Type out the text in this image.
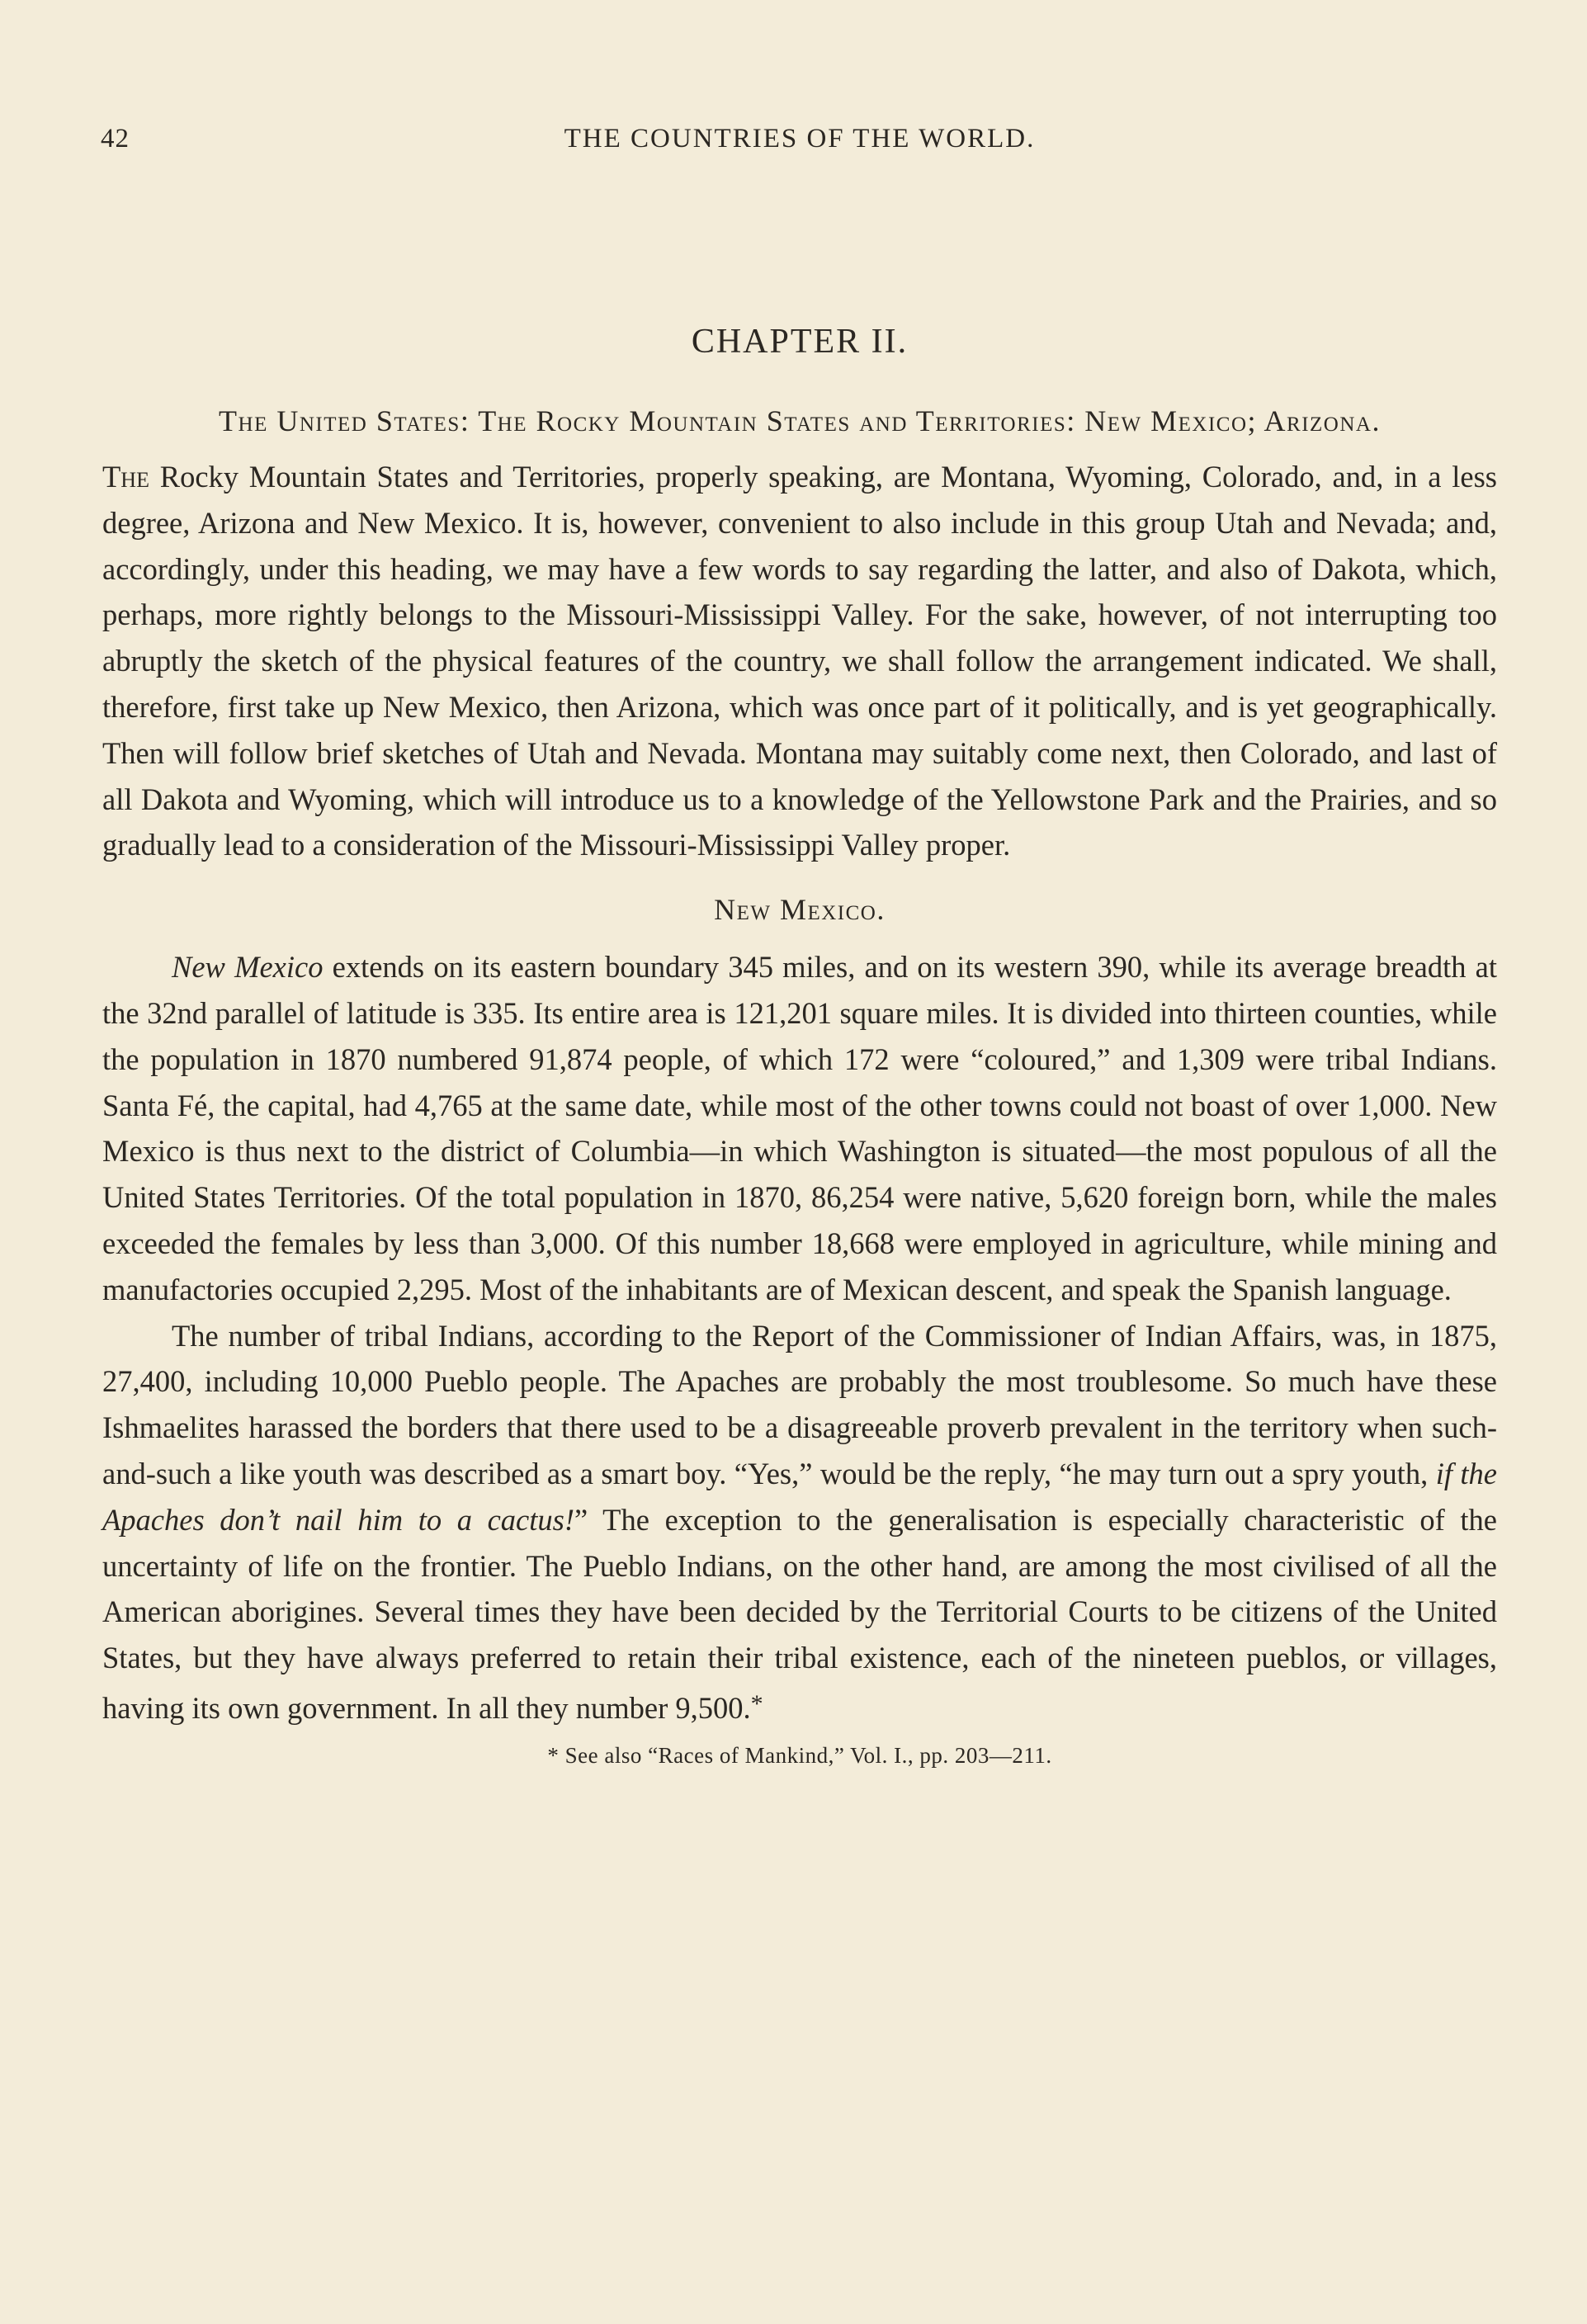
42	THE COUNTRIES OF THE WORLD.
CHAPTER II.
The United States: The Rocky Mountain States and Territories: New Mexico; Arizona.

The Rocky Mountain States and Territories, properly speaking, are Montana, Wyoming, Colorado, and, in a less degree, Arizona and New Mexico. It is, however, convenient to also include in this group Utah and Nevada; and, accordingly, under this heading, we may have a few words to say regarding the latter, and also of Dakota, which, perhaps, more rightly belongs to the Missouri-Mississippi Valley. For the sake, however, of not interrupting too abruptly the sketch of the physical features of the country, we shall follow the arrangement indicated. We shall, therefore, first take up New Mexico, then Arizona, which was once part of it politically, and is yet geographically. Then will follow brief sketches of Utah and Nevada. Montana may suitably come next, then Colorado, and last of all Dakota and Wyoming, which will introduce us to a knowledge of the Yellowstone Park and the Prairies, and so gradually lead to a consideration of the Missouri-Mississippi Valley proper.

New Mexico.

New Mexico extends on its eastern boundary 345 miles, and on its western 390, while its average breadth at the 32nd parallel of latitude is 335. Its entire area is 121,201 square miles. It is divided into thirteen counties, while the population in 1870 numbered 91,874 people, of which 172 were “coloured,” and 1,309 were tribal Indians. Santa Fé, the capital, had 4,765 at the same date, while most of the other towns could not boast of over 1,000. New Mexico is thus next to the district of Columbia—in which Washington is situated—the most populous of all the United States Territories. Of the total population in 1870, 86,254 were native, 5,620 foreign born, while the males exceeded the females by less than 3,000. Of this number 18,668 were employed in agriculture, while mining and manufactories occupied 2,295. Most of the inhabitants are of Mexican descent, and speak the Spanish language.

The number of tribal Indians, according to the Report of the Commissioner of Indian Affairs, was, in 1875, 27,400, including 10,000 Pueblo people. The Apaches are probably the most troublesome. So much have these Ishmaelites harassed the borders that there used to be a disagreeable proverb prevalent in the territory when such-and-such a like youth was described as a smart boy. “Yes,” would be the reply, “he may turn out a spry youth, if the Apaches don’t nail him to a cactus!” The exception to the generalisation is especially characteristic of the uncertainty of life on the frontier. The Pueblo Indians, on the other hand, are among the most civilised of all the American aborigines. Several times they have been decided by the Territorial Courts to be citizens of the United States, but they have always preferred to retain their tribal existence, each of the nineteen pueblos, or villages, having its own government. In all they number 9,500.*

* See also “Races of Mankind,” Vol. I., pp. 203—211.
